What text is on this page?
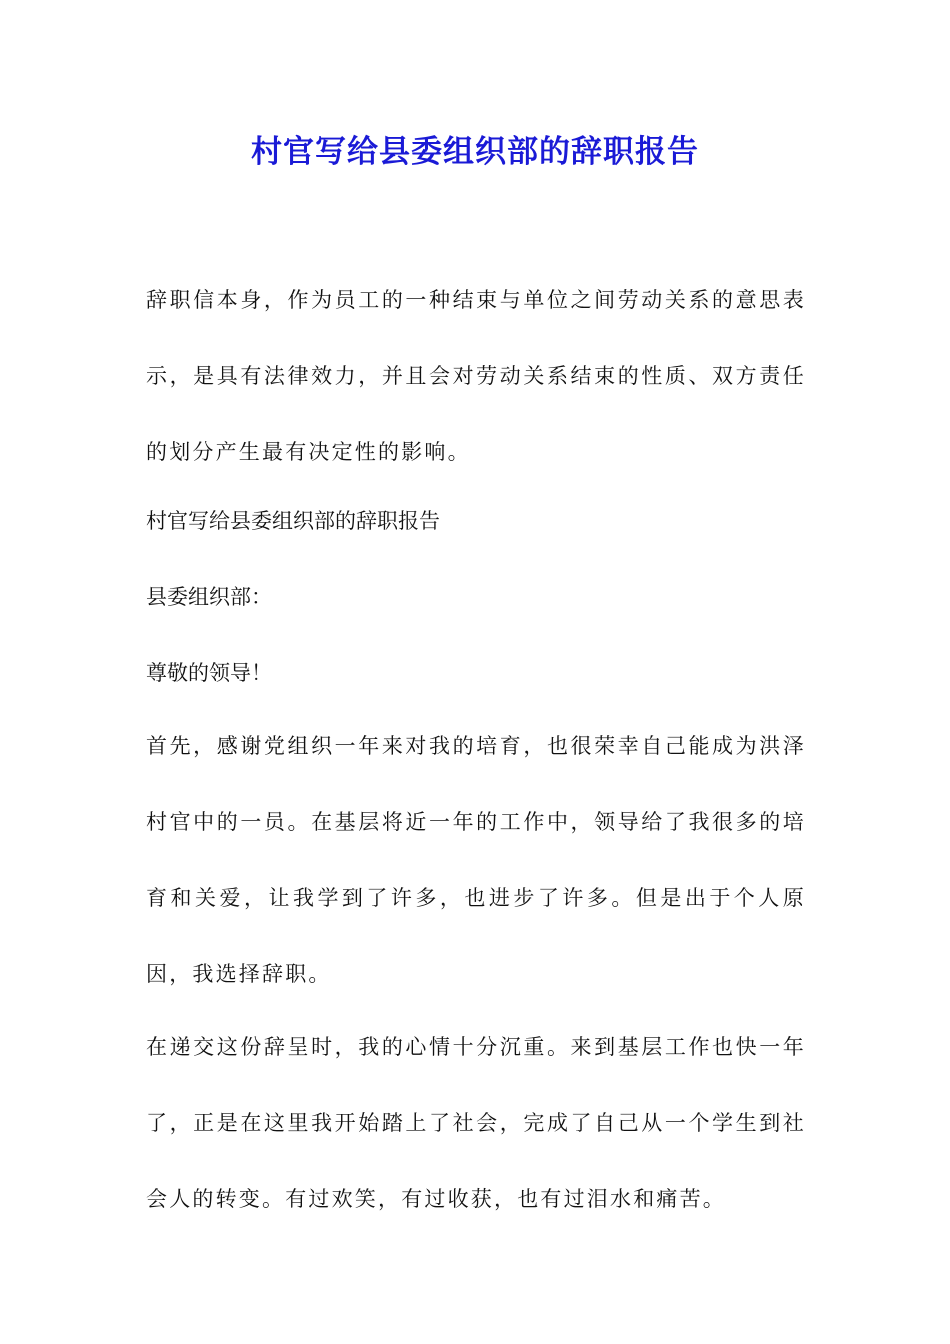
村官写给县委组织部的辞职报告

辞职信本身，作为员工的一种结束与单位之间劳动关系的意思表示，是具有法律效力，并且会对劳动关系结束的性质、双方责任的划分产生最有决定性的影响。

村官写给县委组织部的辞职报告

县委组织部：

尊敬的领导！

首先，感谢党组织一年来对我的培育，也很荣幸自己能成为洪泽村官中的一员。在基层将近一年的工作中，领导给了我很多的培育和关爱，让我学到了许多，也进步了许多。但是出于个人原因，我选择辞职。

在递交这份辞呈时，我的心情十分沉重。来到基层工作也快一年了，正是在这里我开始踏上了社会，完成了自己从一个学生到社会人的转变。有过欢笑，有过收获，也有过泪水和痛苦。
